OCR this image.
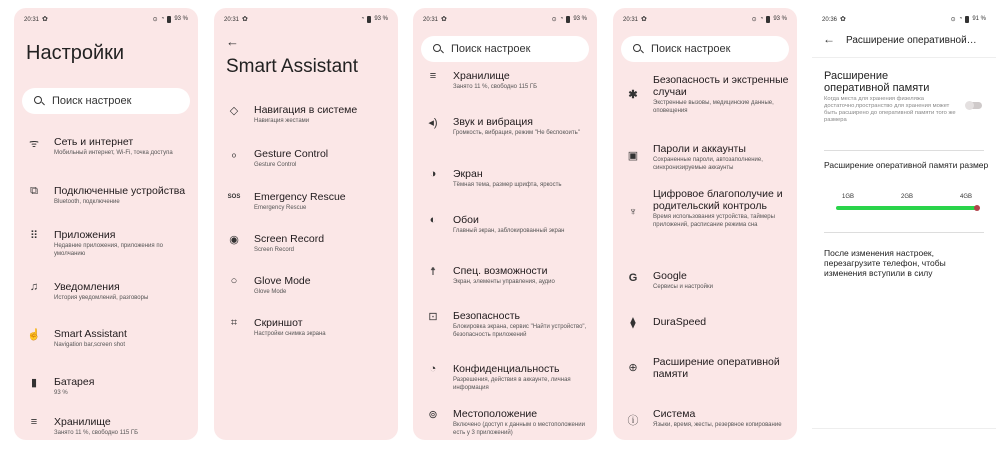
20:31 ✿	⊙ ◔ 93 %
Настройки
Поиск настроек
ᯤ Сеть и интернет
Мобильный интернет, Wi-Fi, точка доступа
⧉	Подключенные устройства
Bluetooth, подключение
⠿	Приложения
Недавние приложения, приложения по умолчанию
♫	Уведомления
История уведомлений, разговоры
☝ Smart Assistant
Navigation bar,screen shot
▮	Батарея
93 %
≡	Хранилище
Занято 11 %, свободно 115 ГБ
20:31 ✿	◔ 93 %
←
Smart Assistant
◇	Навигация в системе
Навигация жестами
ₒ	Gesture Control
Gesture Control
SOS Emergency Rescue
Emergency Rescue
◉	Screen Record
Screen Record
○	Glove Mode
Glove Mode
⌗	Скриншот
Настройки снимка экрана
20:31 ✿	⊙ ◔ 93 %
Поиск настроек
≡	Хранилище
Занято 11 %, свободно 115 ГБ
◂)	Звук и вибрация
Громкость, вибрация, режим "Не беспокоить"
◑	Экран
Тёмная тема, размер шрифта, яркость
◐	Обои
Главный экран, заблокированный экран
☨	Спец. возможности
Экран, элементы управления, аудио
⊡	Безопасность
Блокировка экрана, сервис "Найти устройство", безопасность приложений
◔	Конфиденциальность
Разрешения, действия в аккаунте, личная информация
⊚	Местоположение
Включено (доступ к данным о местоположении есть у 3 приложений)
20:31 ✿	⊙ ◔ 93 %
Поиск настроек
✱
Безопасность и экстренные случаи
Экстренные вызовы, медицинские данные, оповещения
▣
Пароли и аккаунты
Сохраненные пароли, автозаполнение, синхронизируемые аккаунты
♆
Цифровое благополучие и родительский контроль
Время использования устройства, таймеры приложений, расписание режима сна
G	Google
Сервисы и настройки
⧫	DuraSpeed
⊕	Расширение оперативной памяти
ⓘ
Система
Языки, время, жесты, резервное копирование
20:36 ✿	⊙ ◔ 91 %
← Расширение оперативной…
Расширение оперативной памяти
Когда места для хранения физеляжа достаточно,пространство для хранения может быть расширено до оперативной памяти того же размера
Расширение оперативной памяти размер
1GB	2GB	4GB
После изменения настроек, перезагрузите телефон, чтобы изменения вступили в силу
